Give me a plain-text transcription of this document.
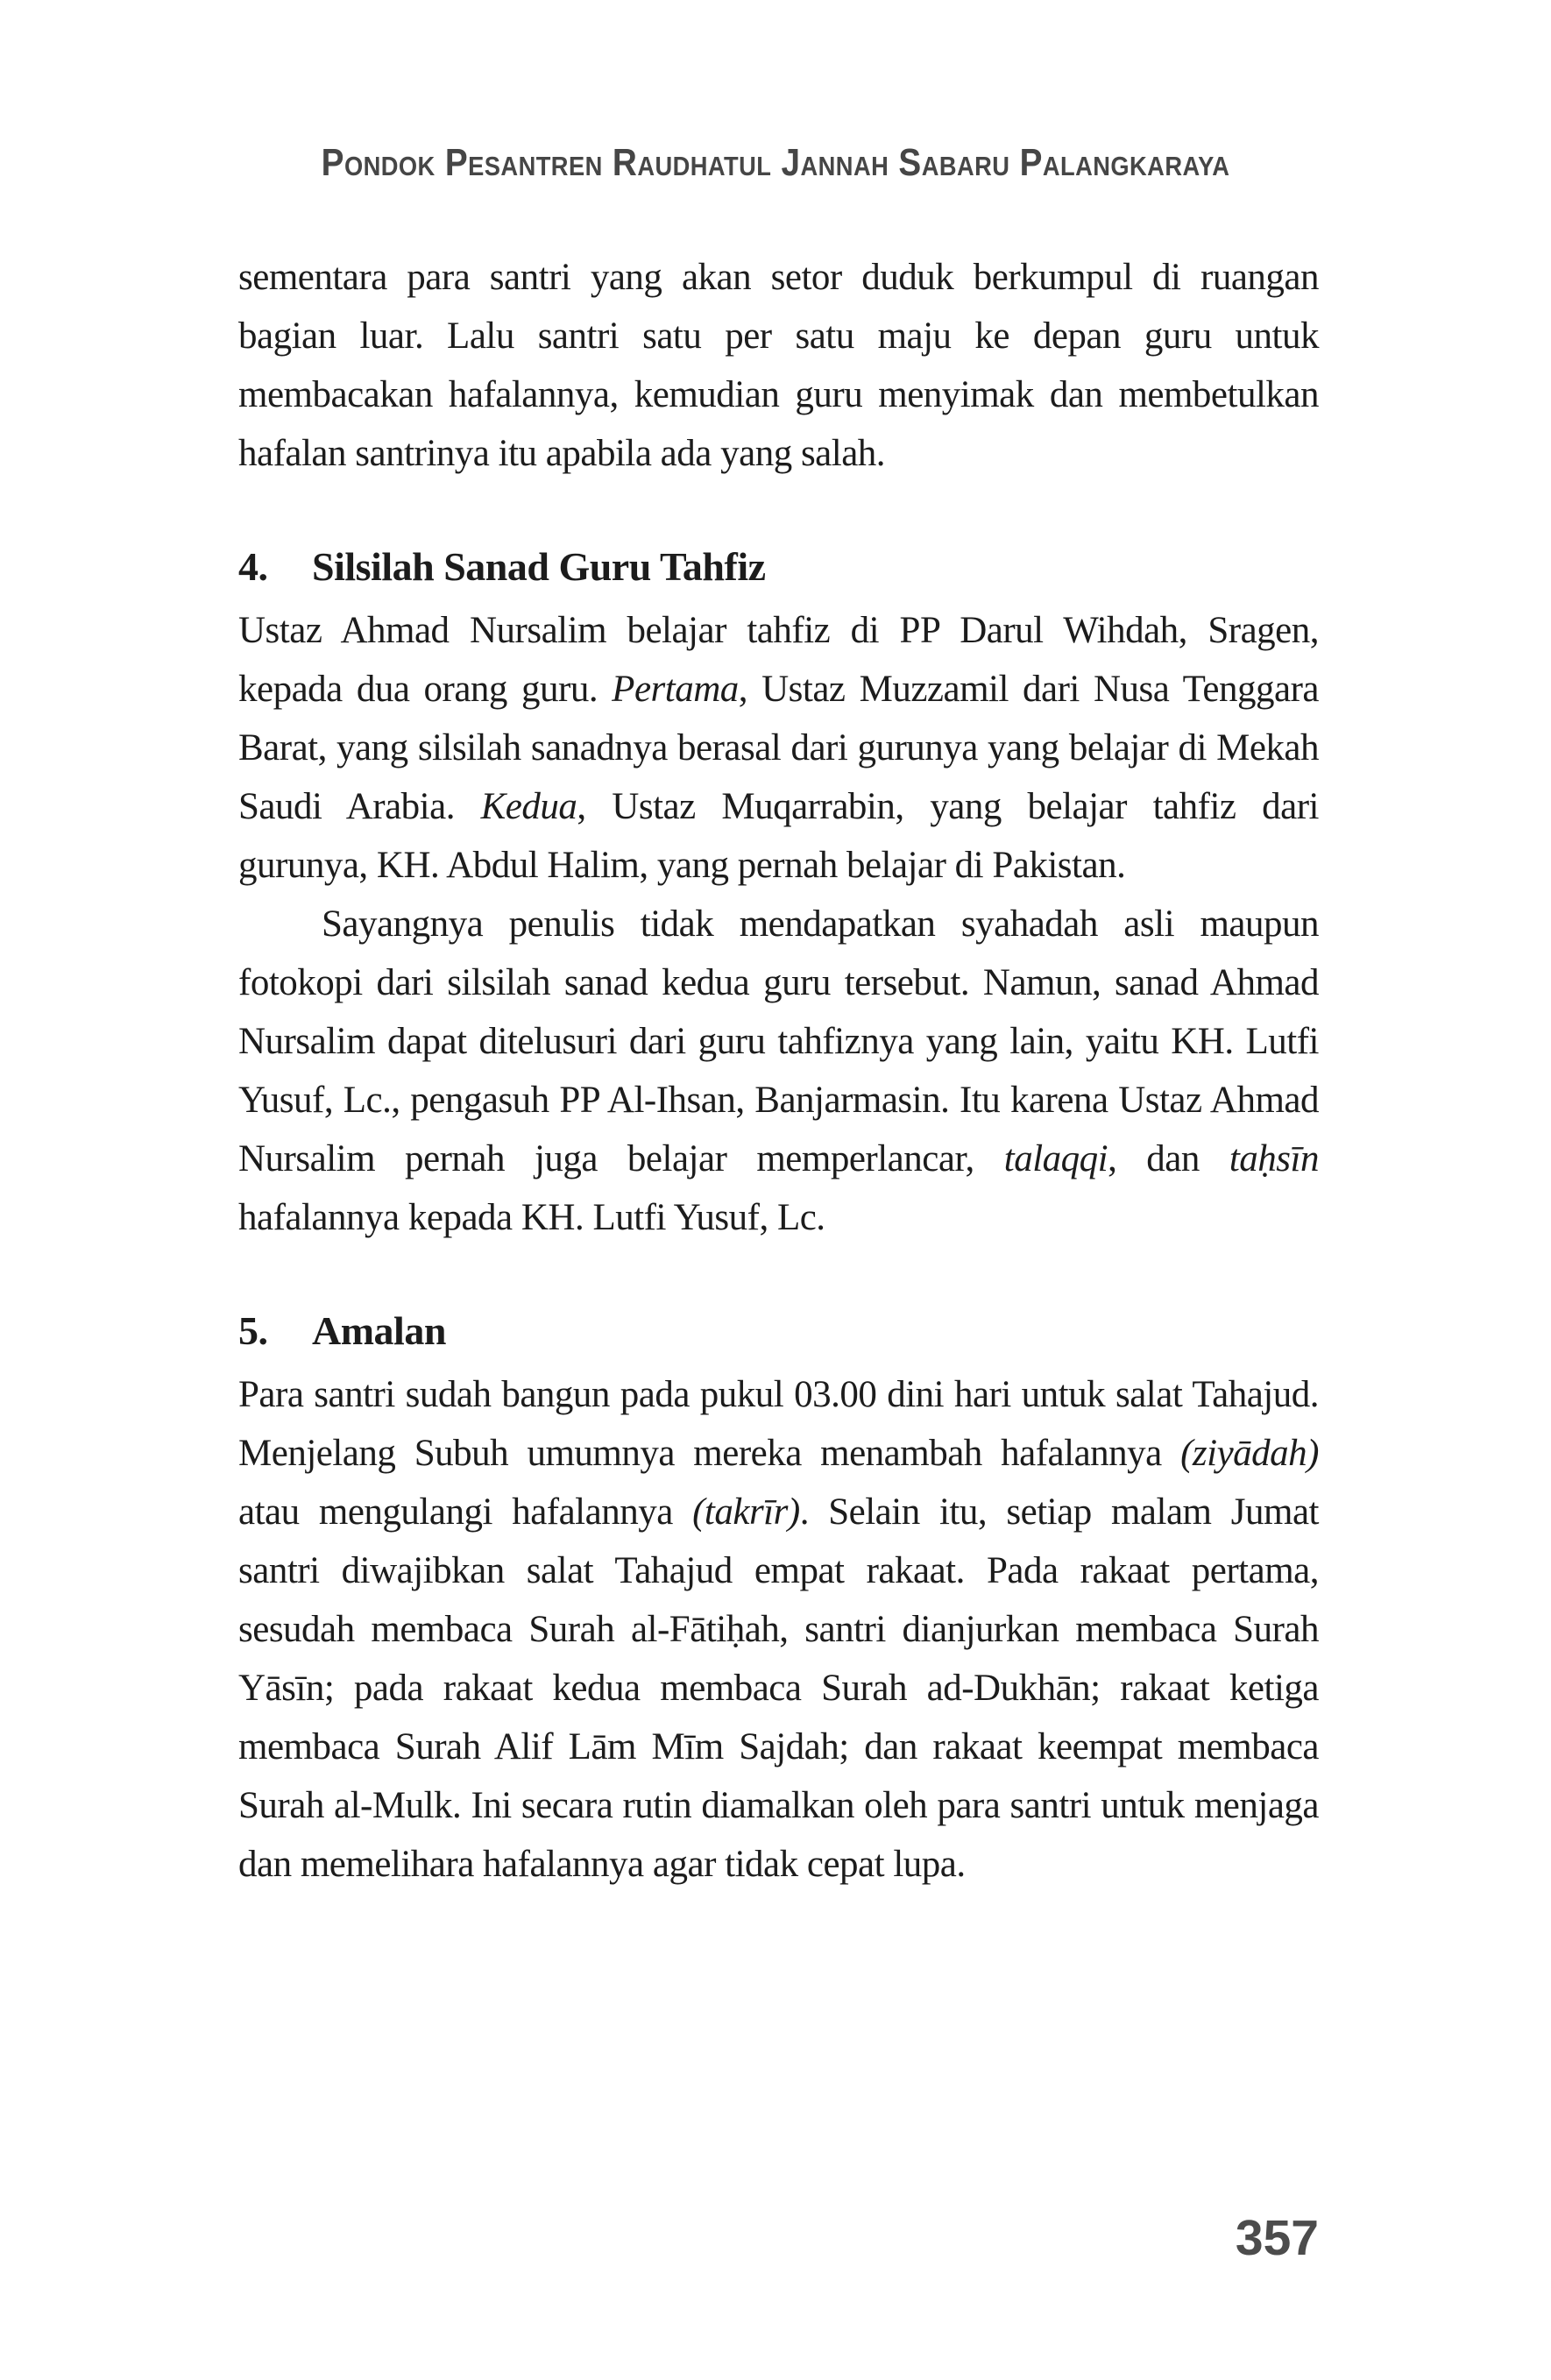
Pondok Pesantren Raudhatul Jannah Sabaru Palangkaraya

sementara para santri yang akan setor duduk berkumpul di ruangan bagian luar. Lalu santri satu per satu maju ke depan guru untuk membacakan hafalannya, kemudian guru menyimak dan membetulkan hafalan santrinya itu apabila ada yang salah.

4. Silsilah Sanad Guru Tahfiz

Ustaz Ahmad Nursalim belajar tahfiz di PP Darul Wihdah, Sragen, kepada dua orang guru. Pertama, Ustaz Muzzamil dari Nusa Tenggara Barat, yang silsilah sanadnya berasal dari gurunya yang belajar di Mekah Saudi Arabia. Kedua, Ustaz Muqarrabin, yang belajar tahfiz dari gurunya, KH. Abdul Halim, yang pernah belajar di Pakistan.

Sayangnya penulis tidak mendapatkan syahadah asli maupun fotokopi dari silsilah sanad kedua guru tersebut. Namun, sanad Ahmad Nursalim dapat ditelusuri dari guru tahfiznya yang lain, yaitu KH. Lutfi Yusuf, Lc., pengasuh PP Al-Ihsan, Banjarmasin. Itu karena Ustaz Ahmad Nursalim pernah juga belajar memperlancar, talaqqi, dan taḥsīn hafalannya kepada KH. Lutfi Yusuf, Lc.

5. Amalan

Para santri sudah bangun pada pukul 03.00 dini hari untuk salat Tahajud. Menjelang Subuh umumnya mereka menambah hafalannya (ziyādah) atau mengulangi hafalannya (takrīr). Selain itu, setiap malam Jumat santri diwajibkan salat Tahajud empat rakaat. Pada rakaat pertama, sesudah membaca Surah al-Fātiḥah, santri dianjurkan membaca Surah Yāsīn; pada rakaat kedua membaca Surah ad-Dukhān; rakaat ketiga membaca Surah Alif Lām Mīm Sajdah; dan rakaat keempat membaca Surah al-Mulk. Ini secara rutin diamalkan oleh para santri untuk menjaga dan memelihara hafalannya agar tidak cepat lupa.

357
